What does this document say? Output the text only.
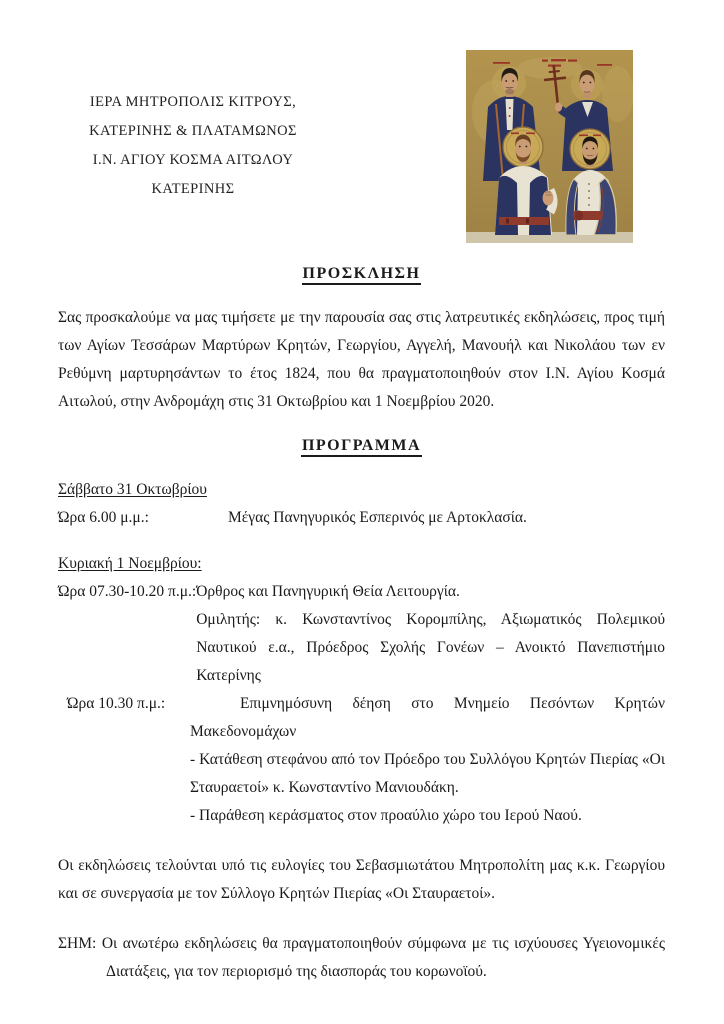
ΙΕΡΑ ΜΗΤΡΟΠΟΛΙΣ ΚΙΤΡΟΥΣ,
ΚΑΤΕΡΙΝΗΣ & ΠΛΑΤΑΜΩΝΟΣ
Ι.Ν. ΑΓΙΟΥ ΚΟΣΜΑ ΑΙΤΩΛΟΥ
ΚΑΤΕΡΙΝΗΣ
ΠΡΟΣΚΛΗΣΗ

Σας προσκαλούμε να μας τιμήσετε με την παρουσία σας στις λατρευτικές εκδηλώσεις, προς τιμή των Αγίων Τεσσάρων Μαρτύρων Κρητών, Γεωργίου, Αγγελή, Μανουήλ και Νικολάου των εν Ρεθύμνη μαρτυρησάντων το έτος 1824, που θα πραγματοποιηθούν στον Ι.Ν. Αγίου Κοσμά Αιτωλού, στην Ανδρομάχη στις 31 Οκτωβρίου και 1 Νοεμβρίου 2020.

ΠΡΟΓΡΑΜΜΑ
Σάββατο 31 Οκτωβρίου
Ώρα 6.00 μ.μ.:	Μέγας Πανηγυρικός Εσπερινός με Αρτοκλασία.
Κυριακή 1 Νοεμβρίου:
Ώρα 07.30-10.20 π.μ.: Όρθρος και Πανηγυρική Θεία Λειτουργία.
Ομιλητής: κ. Κωνσταντίνος Κορομπίλης, Αξιωματικός Πολεμικού Ναυτικού ε.α., Πρόεδρος Σχολής Γονέων – Ανοικτό Πανεπιστήμιο Κατερίνης
Ώρα 10.30 π.μ.:	Επιμνημόσυνη δέηση στο Μνημείο Πεσόντων Κρητών Μακεδονομάχων
- Κατάθεση στεφάνου από τον Πρόεδρο του Συλλόγου Κρητών Πιερίας «Οι Σταυραετοί» κ. Κωνσταντίνο Μανιουδάκη.
- Παράθεση κεράσματος στον προαύλιο χώρο του Ιερού Ναού.

Οι εκδηλώσεις τελούνται υπό τις ευλογίες του Σεβασμιωτάτου Μητροπολίτη μας κ.κ. Γεωργίου και σε συνεργασία με τον Σύλλογο Κρητών Πιερίας «Οι Σταυραετοί».

ΣΗΜ: Οι ανωτέρω εκδηλώσεις θα πραγματοποιηθούν σύμφωνα με τις ισχύουσες Υγειονομικές Διατάξεις, για τον περιορισμό της διασποράς του κορωνοϊού.
